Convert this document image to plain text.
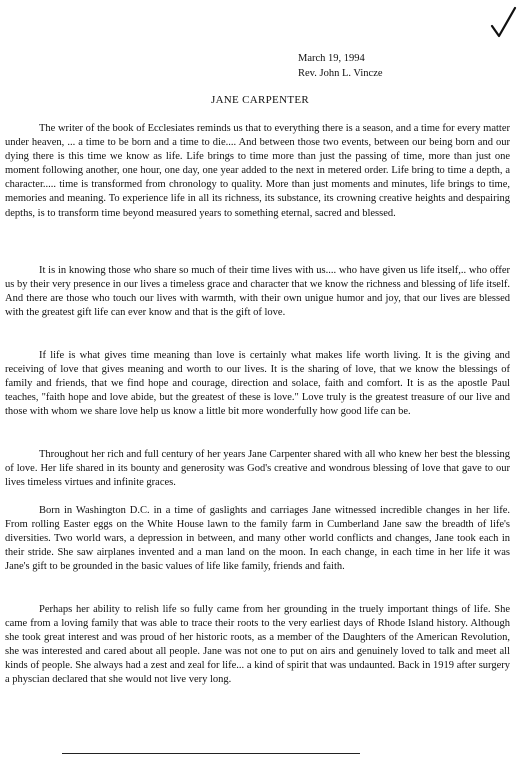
March 19, 1994
Rev. John L. Vincze
JANE CARPENTER

The writer of the book of Ecclesiates reminds us that to everything there is a season, and a time for every matter under heaven, ... a time to be born and a time to die.... And between those two events, between our being born and our dying there is this time we know as life. Life brings to time more than just the passing of time, more than just one moment following another, one hour, one day, one year added to the next in metered order. Life bring to time a depth, a character..... time is transformed from chronology to quality. More than just moments and minutes, life brings to time, memories and meaning. To experience life in all its richness, its substance, its crowning creative heights and despairing depths, is to transform time beyond measured years to something eternal, sacred and blessed.

It is in knowing those who share so much of their time lives with us.... who have given us life itself,.. who offer us by their very presence in our lives a timeless grace and character that we know the richness and blessing of life itself. And there are those who touch our lives with warmth, with their own unigue humor and joy, that our lives are blessed with the greatest gift life can ever know and that is the gift of love.

If life is what gives time meaning than love is certainly what makes life worth living. It is the giving and receiving of love that gives meaning and worth to our lives. It is the sharing of love, that we know the blessings of family and friends, that we find hope and courage, direction and solace, faith and comfort. It is as the apostle Paul teaches, "faith hope and love abide, but the greatest of these is love." Love truly is the greatest treasure of our live and those with whom we share love help us know a little bit more wonderfully how good life can be.

Throughout her rich and full century of her years Jane Carpenter shared with all who knew her best the blessing of love. Her life shared in its bounty and generosity was God's creative and wondrous blessing of love that gave to our lives timeless virtues and infinite graces.

Born in Washington D.C. in a time of gaslights and carriages Jane witnessed incredible changes in her life. From rolling Easter eggs on the White House lawn to the family farm in Cumberland Jane saw the breadth of life's diversities. Two world wars, a depression in between, and many other world conflicts and changes, Jane took each in their stride. She saw airplanes invented and a man land on the moon. In each change, in each time in her life it was Jane's gift to be grounded in the basic values of life like family, friends and faith.

Perhaps her ability to relish life so fully came from her grounding in the truely important things of life. She came from a loving family that was able to trace their roots to the very earliest days of Rhode Island history. Although she took great interest and was proud of her historic roots, as a member of the Daughters of the American Revolution, she was interested and cared about all people. Jane was not one to put on airs and genuinely loved to talk and meet all kinds of people. She always had a zest and zeal for life... a kind of spirit that was undaunted. Back in 1919 after surgery a physcian declared that she would not live very long.
